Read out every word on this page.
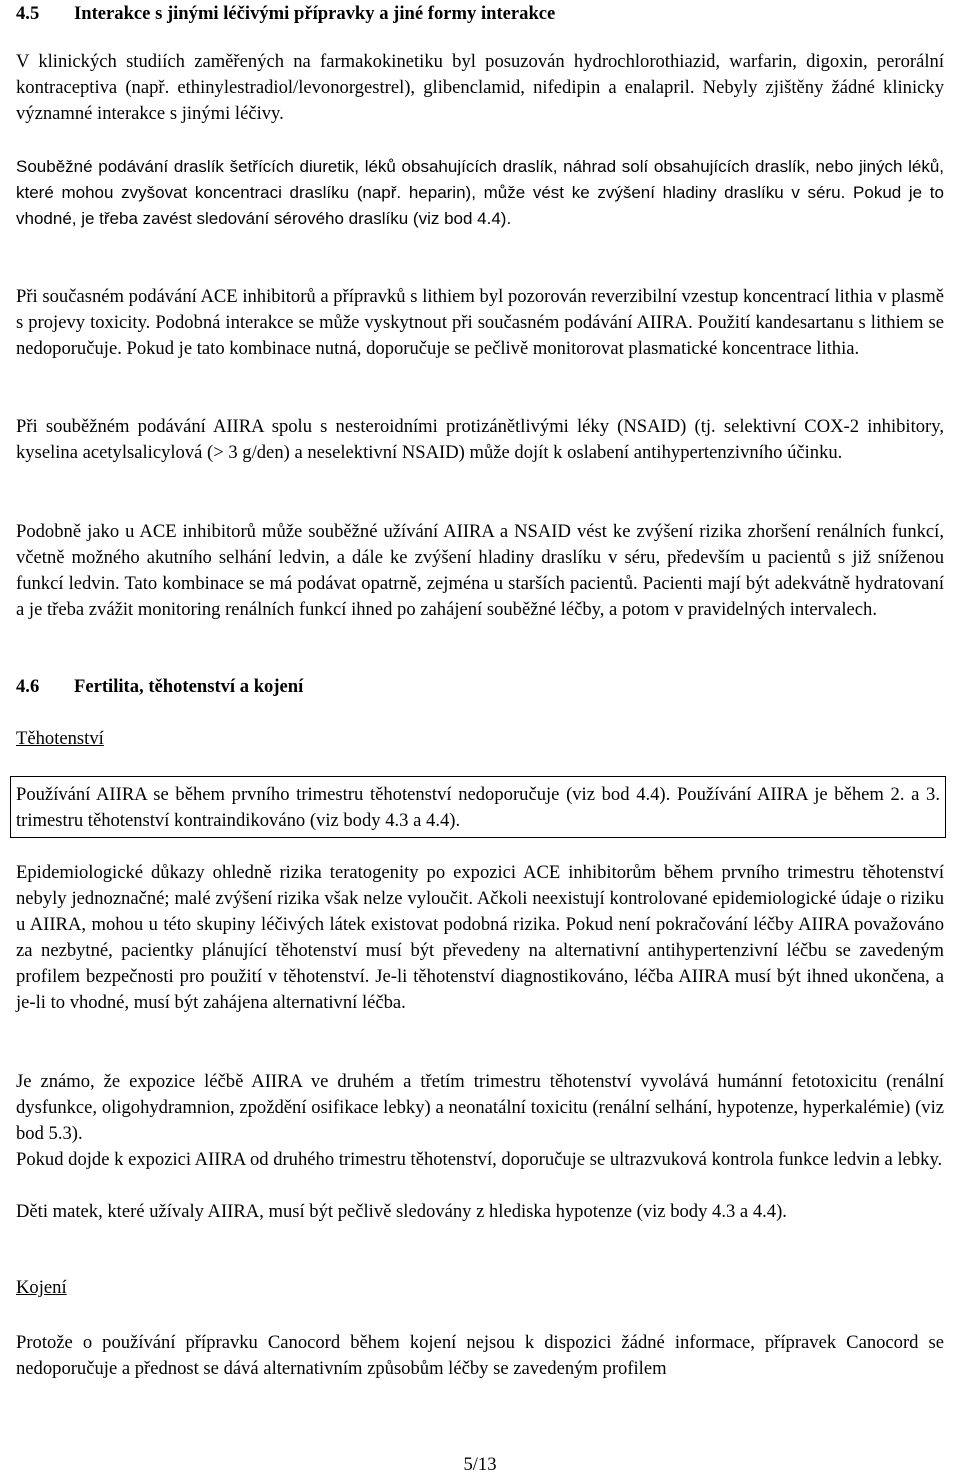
4.5 Interakce s jinými léčivými přípravky a jiné formy interakce
V klinických studiích zaměřených na farmakokinetiku byl posuzován hydrochlorothiazid, warfarin, digoxin, perorální kontraceptiva (např. ethinylestradiol/levonorgestrel), glibenclamid, nifedipin a enalapril. Nebyly zjištěny žádné klinicky významné interakce s jinými léčivy.
Souběžné podávání draslík šetřících diuretik, léků obsahujících draslík, náhrad solí obsahujících draslík, nebo jiných léků, které mohou zvyšovat koncentraci draslíku (např. heparin), může vést ke zvýšení hladiny draslíku v séru. Pokud je to vhodné, je třeba zavést sledování sérového draslíku (viz bod 4.4).
Při současném podávání ACE inhibitorů a přípravků s lithiem byl pozorován reverzibilní vzestup koncentrací lithia v plasmě s projevy toxicity. Podobná interakce se může vyskytnout při současném podávání AIIRA. Použití kandesartanu s lithiem se nedoporučuje. Pokud je tato kombinace nutná, doporučuje se pečlivě monitorovat plasmatické koncentrace lithia.
Při souběžném podávání AIIRA spolu s nesteroidními protizánětlivými léky (NSAID) (tj. selektivní COX-2 inhibitory, kyselina acetylsalicylová (> 3 g/den) a neselektivní NSAID) může dojít k oslabení antihypertenzivního účinku.
Podobně jako u ACE inhibitorů může souběžné užívání AIIRA a NSAID vést ke zvýšení rizika zhoršení renálních funkcí, včetně možného akutního selhání ledvin, a dále ke zvýšení hladiny draslíku v séru, především u pacientů s již sníženou funkcí ledvin. Tato kombinace se má podávat opatrně, zejména u starších pacientů. Pacienti mají být adekvátně hydratovaní a je třeba zvážit monitoring renálních funkcí ihned po zahájení souběžné léčby, a potom v pravidelných intervalech.
4.6 Fertilita, těhotenství a kojení
Těhotenství
Používání AIIRA se během prvního trimestru těhotenství nedoporučuje (viz bod 4.4). Používání AIIRA je během 2. a 3. trimestru těhotenství kontraindikováno (viz body 4.3 a 4.4).
Epidemiologické důkazy ohledně rizika teratogenity po expozici ACE inhibitorům během prvního trimestru těhotenství nebyly jednoznačné; malé zvýšení rizika však nelze vyloučit. Ačkoli neexistují kontrolované epidemiologické údaje o riziku u AIIRA, mohou u této skupiny léčivých látek existovat podobná rizika. Pokud není pokračování léčby AIIRA považováno za nezbytné, pacientky plánující těhotenství musí být převedeny na alternativní antihypertenzivní léčbu se zavedeným profilem bezpečnosti pro použití v těhotenství. Je-li těhotenství diagnostikováno, léčba AIIRA musí být ihned ukončena, a je-li to vhodné, musí být zahájena alternativní léčba.
Je známo, že expozice léčbě AIIRA ve druhém a třetím trimestru těhotenství vyvolává humánní fetotoxicitu (renální dysfunkce, oligohydramnion, zpoždění osifikace lebky) a neonatální toxicitu (renální selhání, hypotenze, hyperkalémie) (viz bod 5.3).
Pokud dojde k expozici AIIRA od druhého trimestru těhotenství, doporučuje se ultrazvuková kontrola funkce ledvin a lebky.
Děti matek, které užívaly AIIRA, musí být pečlivě sledovány z hlediska hypotenze (viz body 4.3 a 4.4).
Kojení
Protože o používání přípravku Canocord během kojení nejsou k dispozici žádné informace, přípravek Canocord se nedoporučuje a přednost se dává alternativním způsobům léčby se zavedeným profilem
5/13
